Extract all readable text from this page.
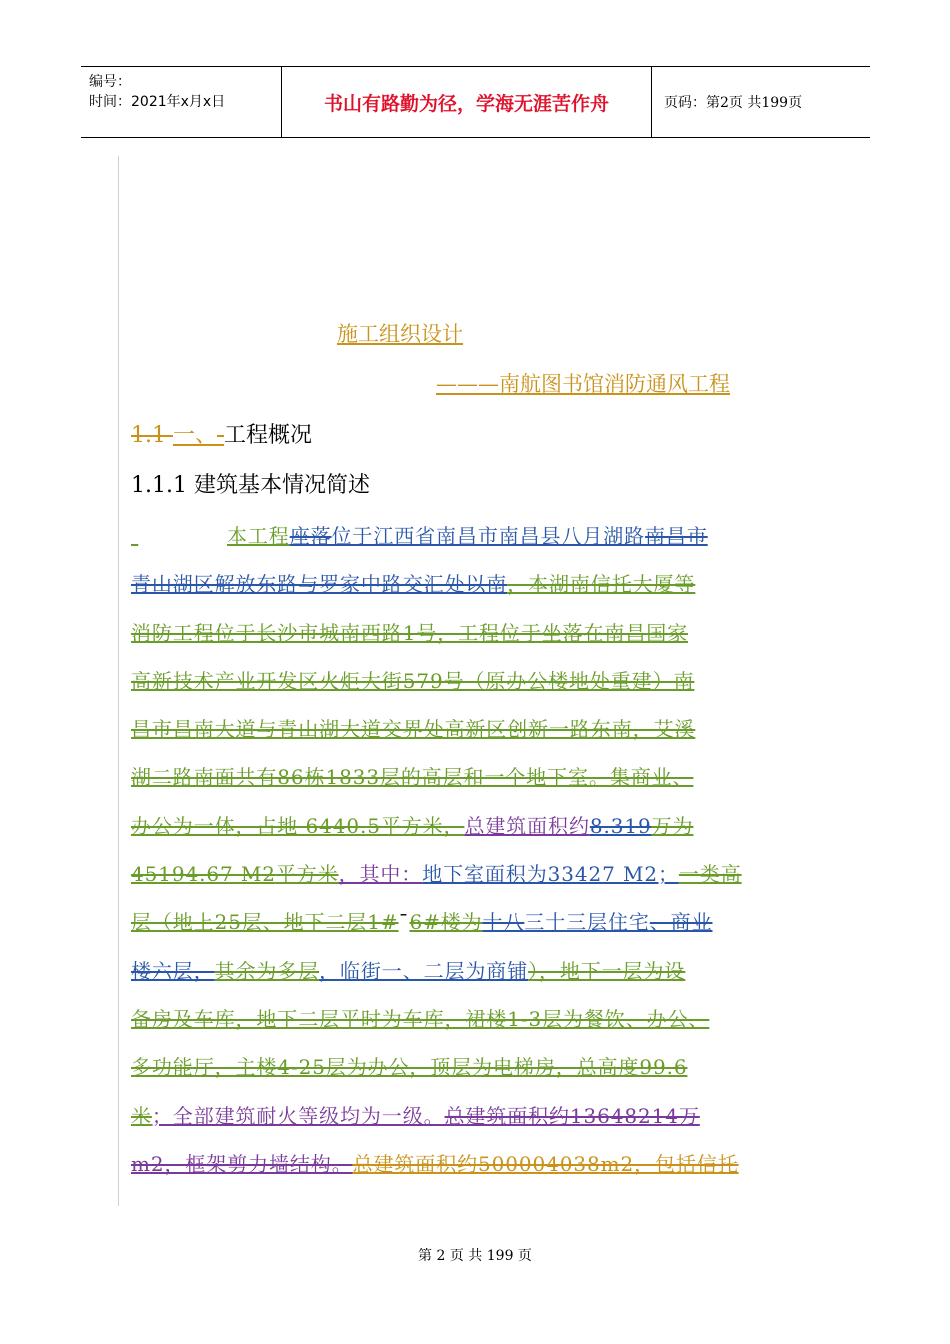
编号：
时间：2021年x月x日	书山有路勤为径，学海无涯苦作舟	页码：第2页 共199页
施工组织设计
———南航图书馆消防通风工程
1.1 一、 工程概况
1.1.1 建筑基本情况简述
本工程座落位于江西省南昌市南昌县八月湖路南昌市
青山湖区解放东路与罗家中路交汇处以南，本湖南信托大厦等
消防工程位于长沙市城南西路1号，工程位于坐落在南昌国家
高新技术产业开发区火炬大街579号（原办公楼地处重建）南
昌市昌南大道与青山湖大道交界处高新区创新一路东南，艾溪
湖二路南面共有86栋1833层的高层和一个地下室。集商业、
办公为一体，占地 6440.5平方米，总建筑面积约8.319万为
45194.67 M2平方米，其中：地下室面积为33427 M2；一类高
层（地上25层、地下二层1#ˉ6#楼为十八三十三层住宅、商业
楼六层，其余为多层，临街一、二层为商铺），地下一层为设
备房及车库，地下二层平时为车库，裙楼1-3层为餐饮、办公、
多功能厅，主楼4-25层为办公，顶层为电梯房，总高度99.6
米；全部建筑耐火等级均为一级。总建筑面积约13648214万
m2，框架剪力墙结构。总建筑面积约500004038m2，包括信托
第 2 页 共 199 页
